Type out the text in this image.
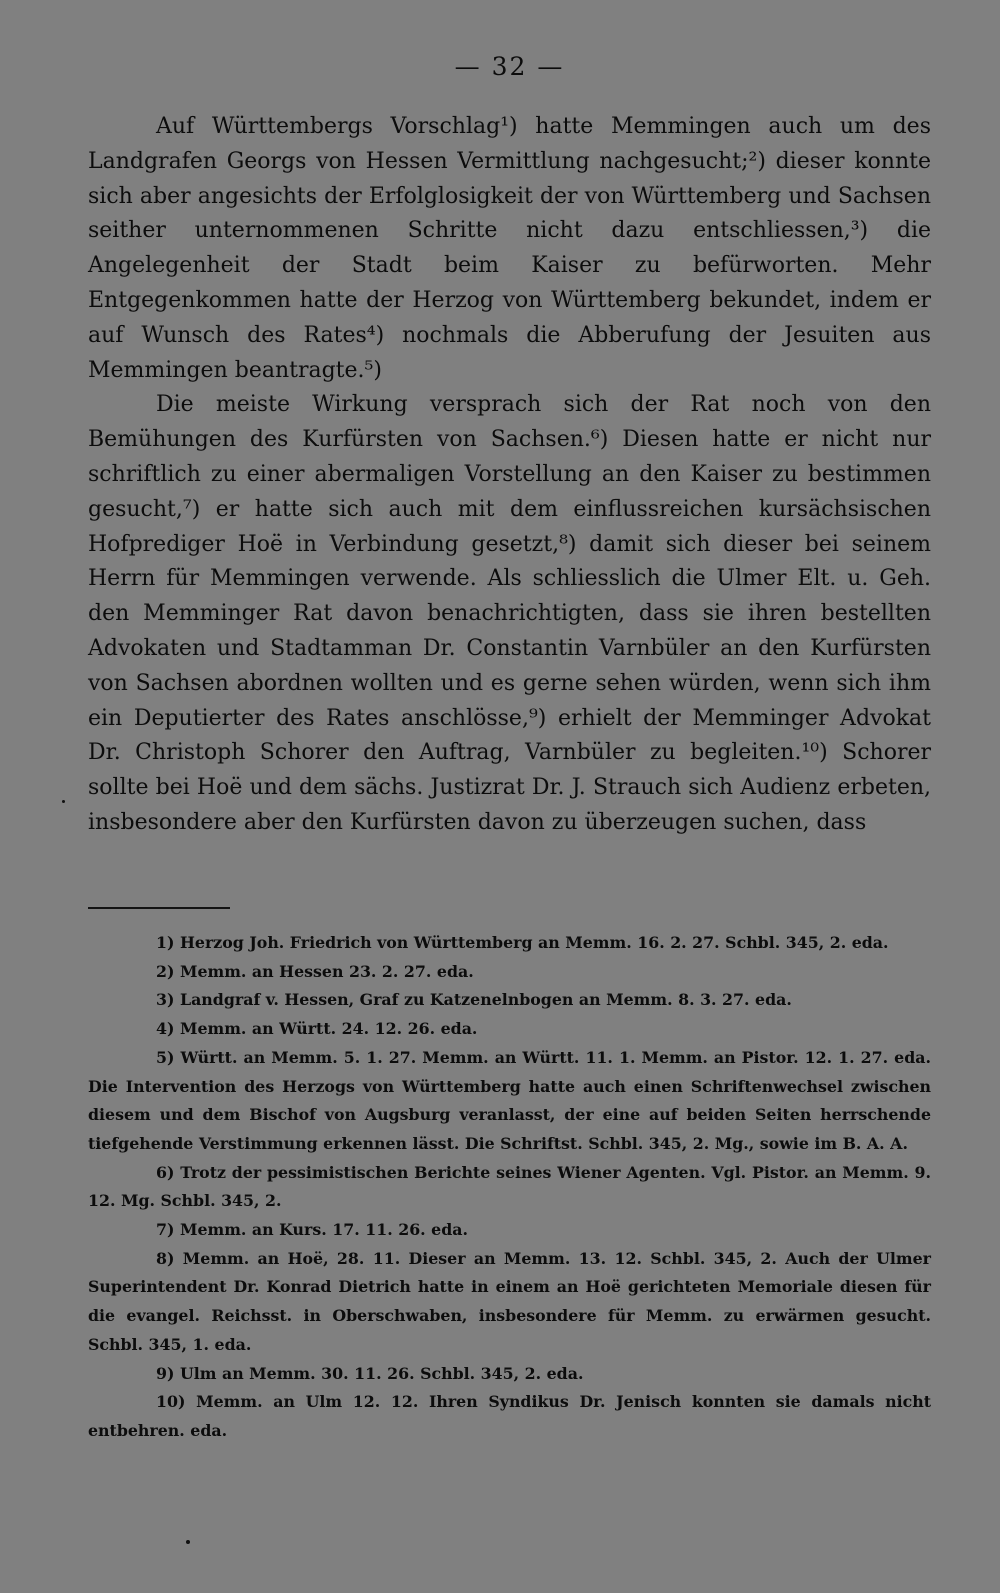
— 32 —

Auf Württembergs Vorschlag¹) hatte Memmingen auch um des Landgrafen Georgs von Hessen Vermittlung nachgesucht;²) dieser konnte sich aber angesichts der Erfolglosigkeit der von Württemberg und Sachsen seither unternommenen Schritte nicht dazu entschliessen,³) die Angelegenheit der Stadt beim Kaiser zu befürworten. Mehr Entgegenkommen hatte der Herzog von Württemberg bekundet, indem er auf Wunsch des Rates⁴) nochmals die Abberufung der Jesuiten aus Memmingen beantragte.⁵)

Die meiste Wirkung versprach sich der Rat noch von den Bemühungen des Kurfürsten von Sachsen.⁶) Diesen hatte er nicht nur schriftlich zu einer abermaligen Vorstellung an den Kaiser zu bestimmen gesucht,⁷) er hatte sich auch mit dem einflussreichen kursächsischen Hofprediger Hoë in Verbindung gesetzt,⁸) damit sich dieser bei seinem Herrn für Memmingen verwende. Als schliesslich die Ulmer Elt. u. Geh. den Memminger Rat davon benachrichtigten, dass sie ihren bestellten Advokaten und Stadtamman Dr. Constantin Varnbüler an den Kurfürsten von Sachsen abordnen wollten und es gerne sehen würden, wenn sich ihm ein Deputierter des Rates anschlösse,⁹) erhielt der Memminger Advokat Dr. Christoph Schorer den Auftrag, Varnbüler zu begleiten.¹⁰) Schorer sollte bei Hoë und dem sächs. Justizrat Dr. J. Strauch sich Audienz erbeten, insbesondere aber den Kurfürsten davon zu überzeugen suchen, dass

1) Herzog Joh. Friedrich von Württemberg an Memm. 16. 2. 27. Schbl. 345, 2. eda.

2) Memm. an Hessen 23. 2. 27. eda.

3) Landgraf v. Hessen, Graf zu Katzenelnbogen an Memm. 8. 3. 27. eda.

4) Memm. an Württ. 24. 12. 26. eda.

5) Württ. an Memm. 5. 1. 27. Memm. an Württ. 11. 1. Memm. an Pistor. 12. 1. 27. eda. Die Intervention des Herzogs von Württemberg hatte auch einen Schriftenwechsel zwischen diesem und dem Bischof von Augsburg veranlasst, der eine auf beiden Seiten herrschende tiefgehende Verstimmung erkennen lässt. Die Schriftst. Schbl. 345, 2. Mg., sowie im B. A. A.

6) Trotz der pessimistischen Berichte seines Wiener Agenten. Vgl. Pistor. an Memm. 9. 12. Mg. Schbl. 345, 2.

7) Memm. an Kurs. 17. 11. 26. eda.

8) Memm. an Hoë, 28. 11. Dieser an Memm. 13. 12. Schbl. 345, 2. Auch der Ulmer Superintendent Dr. Konrad Dietrich hatte in einem an Hoë gerichteten Memoriale diesen für die evangel. Reichsst. in Oberschwaben, insbesondere für Memm. zu erwärmen gesucht. Schbl. 345, 1. eda.

9) Ulm an Memm. 30. 11. 26. Schbl. 345, 2. eda.

10) Memm. an Ulm 12. 12. Ihren Syndikus Dr. Jenisch konnten sie damals nicht entbehren. eda.
